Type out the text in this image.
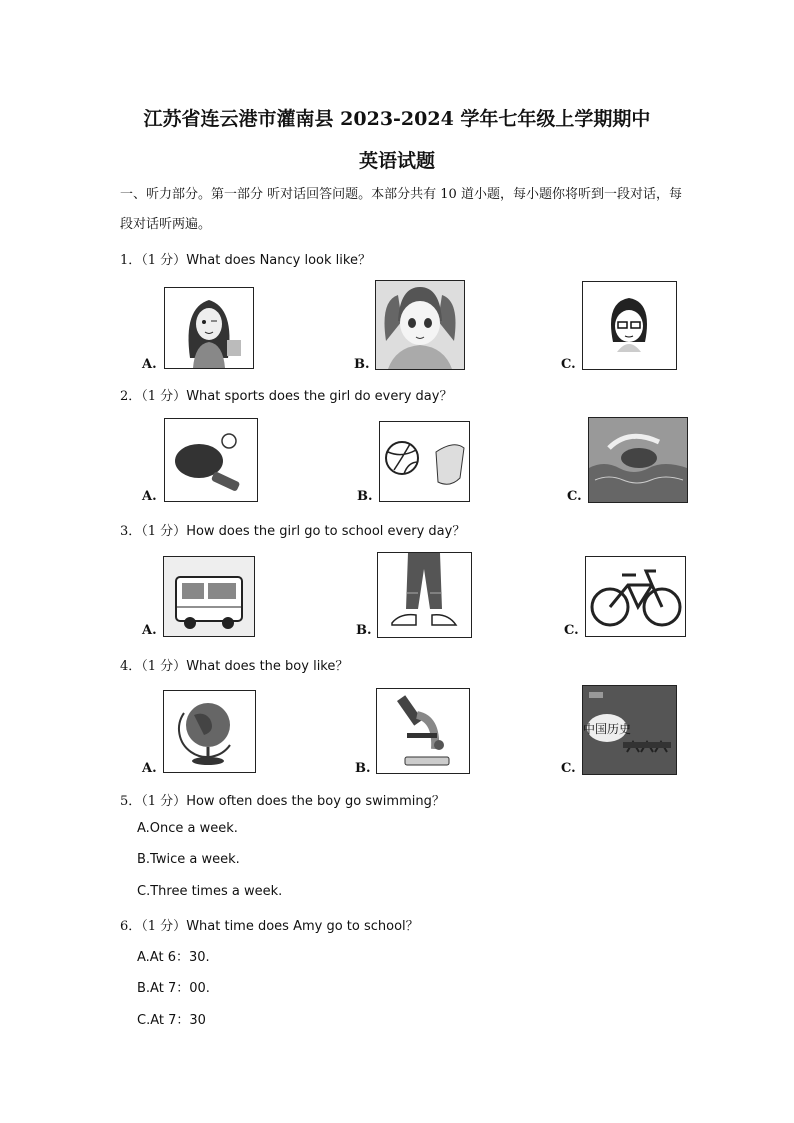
江苏省连云港市灌南县 2023-2024 学年七年级上学期期中
英语试题
一、听力部分。第一部分 听对话回答问题。本部分共有 10 道小题，每小题你将听到一段对话，每段对话听两遍。
1．（1 分）What does Nancy look like？
A.	B.	C.
2．（1 分）What sports does the girl do every day？
A.	B.	C.
3．（1 分）How does the girl go to school every day？
A.	B.	C.
4．（1 分）What does the boy like？
A.	B.
中国历史
C.
5．（1 分）How often does the boy go swimming？
A.Once a week.
B.Twice a week.
C.Three times a week.
6．（1 分）What time does Amy go to school？
A.At 6：30.
B.At 7：00.
C.At 7：30
